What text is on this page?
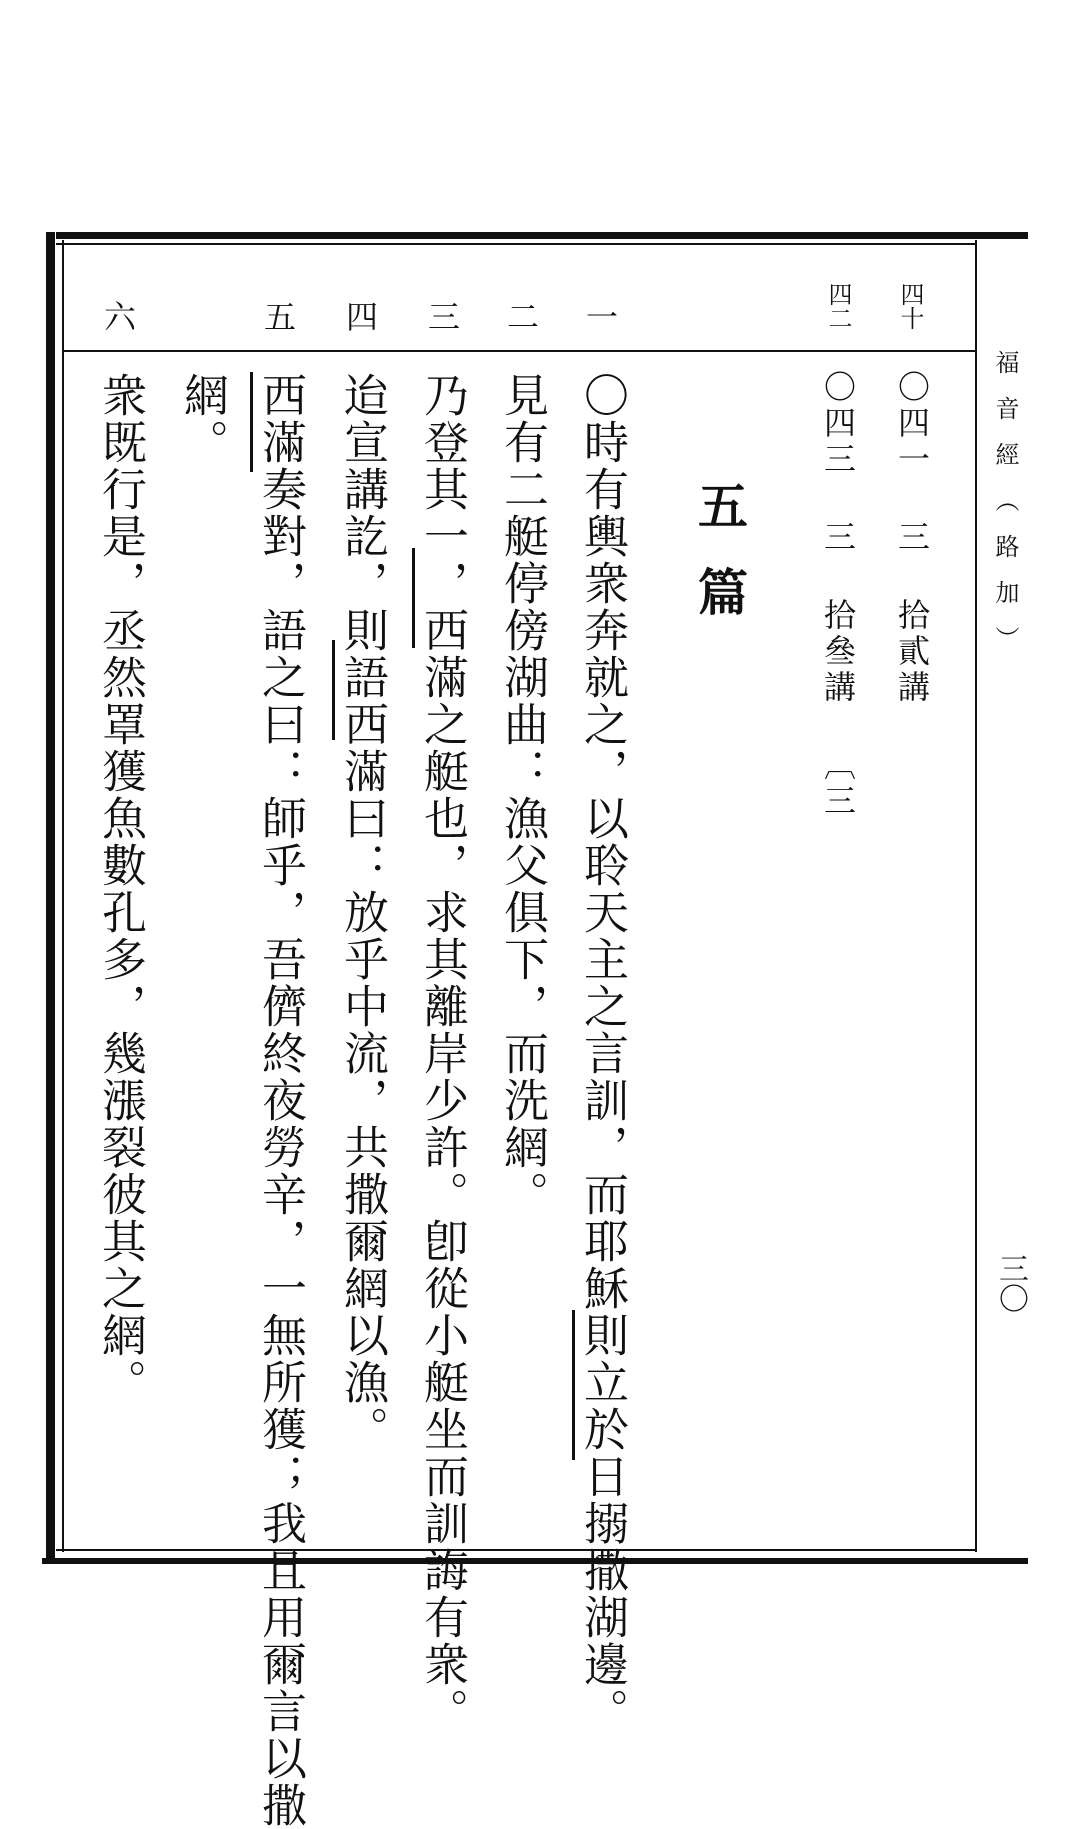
福音經（路加）
三〇
四十
四二
一
二
三
四
五
六
〇四一 三 拾貳講
〇四三 三 拾叄講 〔三
五篇
〇時有輿衆奔就之，以聆天主之言訓，而耶穌則立於日搦撒湖邊。
見有二艇停傍湖曲：漁父俱下，而洗網。
乃登其一，西滿之艇也，求其離岸少許。卽從小艇坐而訓誨有衆。
迨宣講訖，則語西滿曰：放乎中流，共撒爾網以漁。
西滿奏對，語之曰：師乎，吾儕終夜勞辛，一無所獲；我且用爾言以撒
網。
衆既行是，丞然罩獲魚數孔多，幾漲裂彼其之網。
